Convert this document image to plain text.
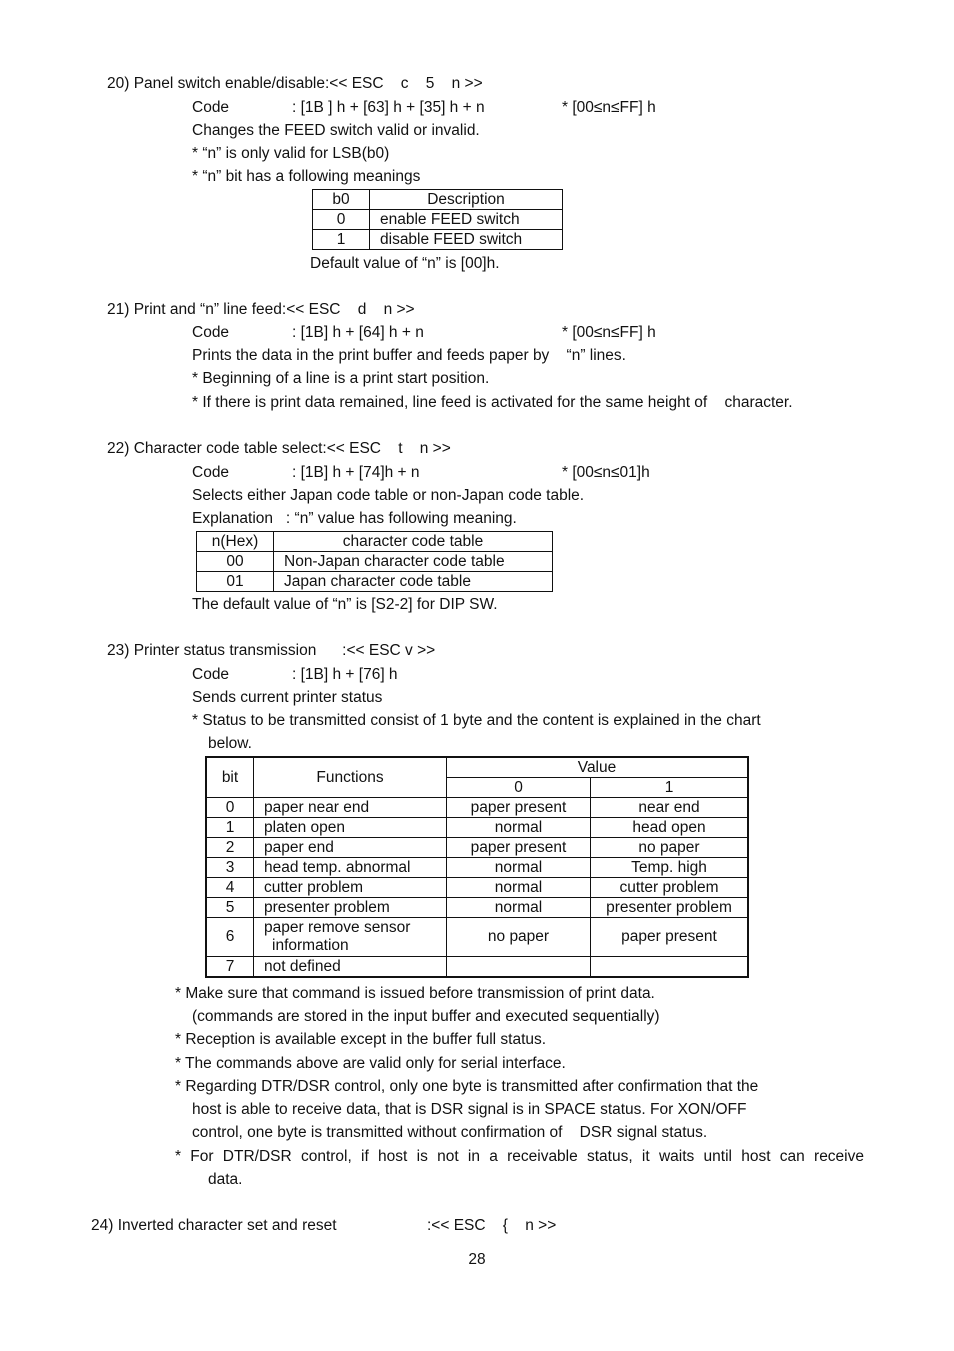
20) Panel switch enable/disable:<< ESC    c    5    n >>
Code	: [1B ] h + [63] h + [35] h + n	* [00≤n≤FF] h
Changes the FEED switch valid or invalid.
* “n” is only valid for LSB(b0)
* “n” bit has a following meanings
b0	Description
0	enable FEED switch
1	disable FEED switch
Default value of “n” is [00]h.
21) Print and “n” line feed:<< ESC    d    n >>
Code	: [1B] h + [64] h + n	* [00≤n≤FF] h
Prints the data in the print buffer and feeds paper by    “n” lines.
* Beginning of a line is a print start position.
* If there is print data remained, line feed is activated for the same height of    character.
22) Character code table select:<< ESC    t    n >>
Code	: [1B] h + [74]h + n	* [00≤n≤01]h
Selects either Japan code table or non-Japan code table.
Explanation   : “n” value has following meaning.
n(Hex)	character code table
00	Non-Japan character code table
01	Japan character code table
The default value of “n” is [S2-2] for DIP SW.
23) Printer status transmission      :<< ESC v >>
Code	: [1B] h + [76] h
Sends current printer status
* Status to be transmitted consist of 1 byte and the content is explained in the chart
below.
bit	Functions	Value	
		0	1
0	paper near end	paper present	near end
1	platen open	normal	head open
2	paper end	paper present	no paper
3	head temp. abnormal	normal	Temp. high
4	cutter problem	normal	cutter problem
5	presenter problem	normal	presenter problem
6	paper remove sensor
information	no paper	paper present
7	not defined		
* Make sure that command is issued before transmission of print data.
(commands are stored in the input buffer and executed sequentially)
* Reception is available except in the buffer full status.
* The commands above are valid only for serial interface.
* Regarding DTR/DSR control, only one byte is transmitted after confirmation that the
host is able to receive data, that is DSR signal is in SPACE status. For XON/OFF
control, one byte is transmitted without confirmation of    DSR signal status.
* For DTR/DSR control, if host is not in a receivable status, it waits until host can receive
data.
24) Inverted character set and reset	:<< ESC    {    n >>
28
